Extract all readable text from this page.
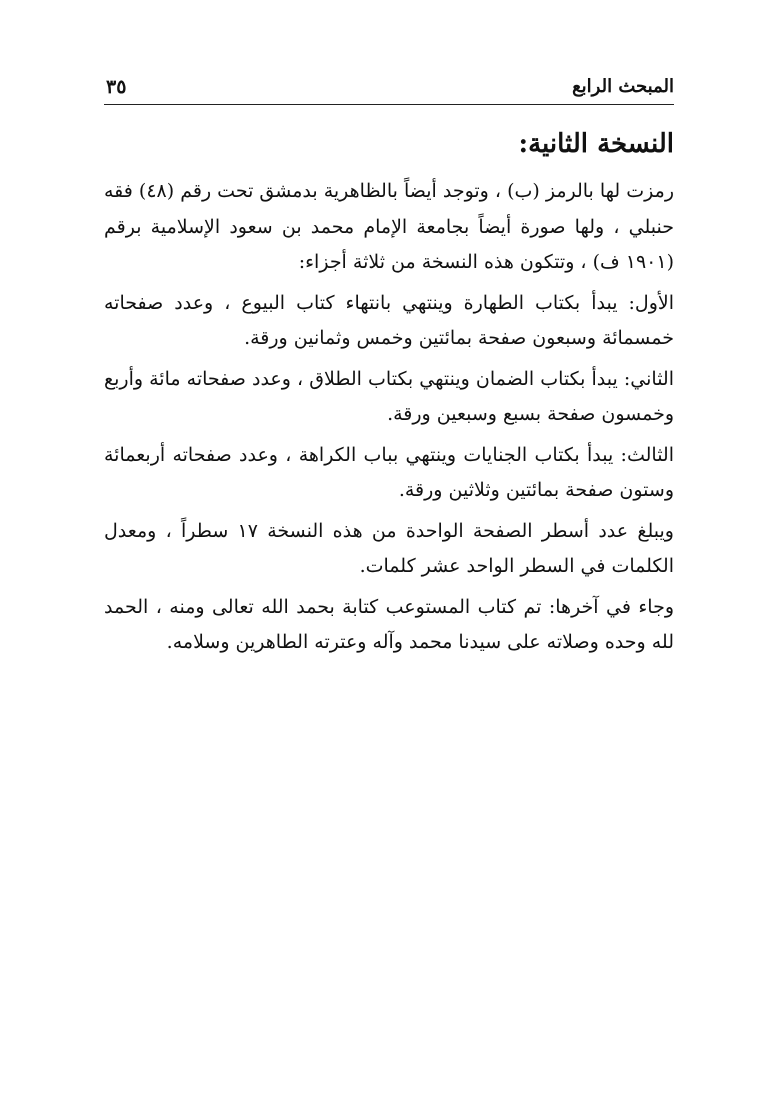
المبحث الرابع
٣٥
النسخة الثانية:

رمزت لها بالرمز (ب) ، وتوجد أيضاً بالظاهرية بدمشق تحت رقم (٤٨) فقه حنبلي ، ولها صورة أيضاً بجامعة الإمام محمد بن سعود الإسلامية برقم (١٩٠١ ف) ، وتتكون هذه النسخة من ثلاثة أجزاء:

الأول: يبدأ بكتاب الطهارة وينتهي بانتهاء كتاب البيوع ، وعدد صفحاته خمسمائة وسبعون صفحة بمائتين وخمس وثمانين ورقة.

الثاني: يبدأ بكتاب الضمان وينتهي بكتاب الطلاق ، وعدد صفحاته مائة وأربع وخمسون صفحة بسبع وسبعين ورقة.

الثالث: يبدأ بكتاب الجنايات وينتهي بباب الكراهة ، وعدد صفحاته أربعمائة وستون صفحة بمائتين وثلاثين ورقة.

ويبلغ عدد أسطر الصفحة الواحدة من هذه النسخة ١٧ سطراً ، ومعدل الكلمات في السطر الواحد عشر كلمات.

وجاء في آخرها: تم كتاب المستوعب كتابة بحمد الله تعالى ومنه ، الحمد لله وحده وصلاته على سيدنا محمد وآله وعترته الطاهرين وسلامه.
